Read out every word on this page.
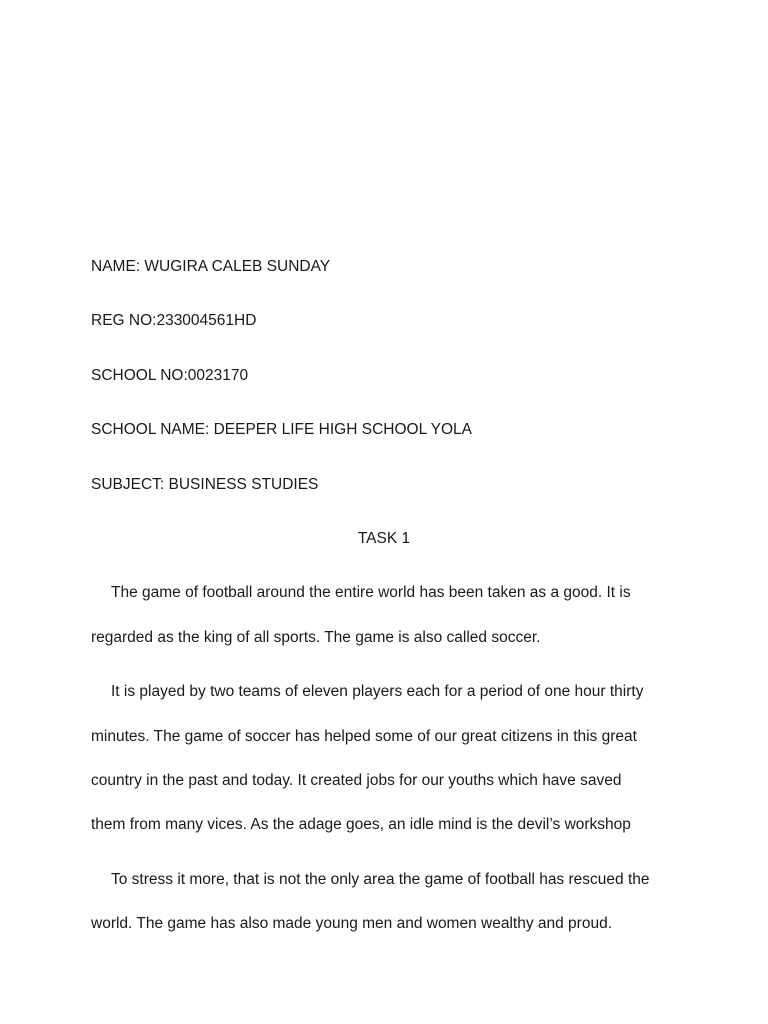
NAME: WUGIRA CALEB SUNDAY
REG NO:233004561HD
SCHOOL NO:0023170
SCHOOL NAME: DEEPER LIFE HIGH SCHOOL YOLA
SUBJECT: BUSINESS STUDIES
TASK 1
The game of football around the entire world has been taken as a good. It is
regarded as the king of all sports. The game is also called soccer.
It is played by two teams of eleven players each for a period of one hour thirty
minutes. The game of soccer has helped some of our great citizens in this great
country in the past and today. It created jobs for our youths which have saved
them from many vices. As the adage goes, an idle mind is the devil’s workshop
To stress it more, that is not the only area the game of football has rescued the
world. The game has also made young men and women wealthy and proud.
